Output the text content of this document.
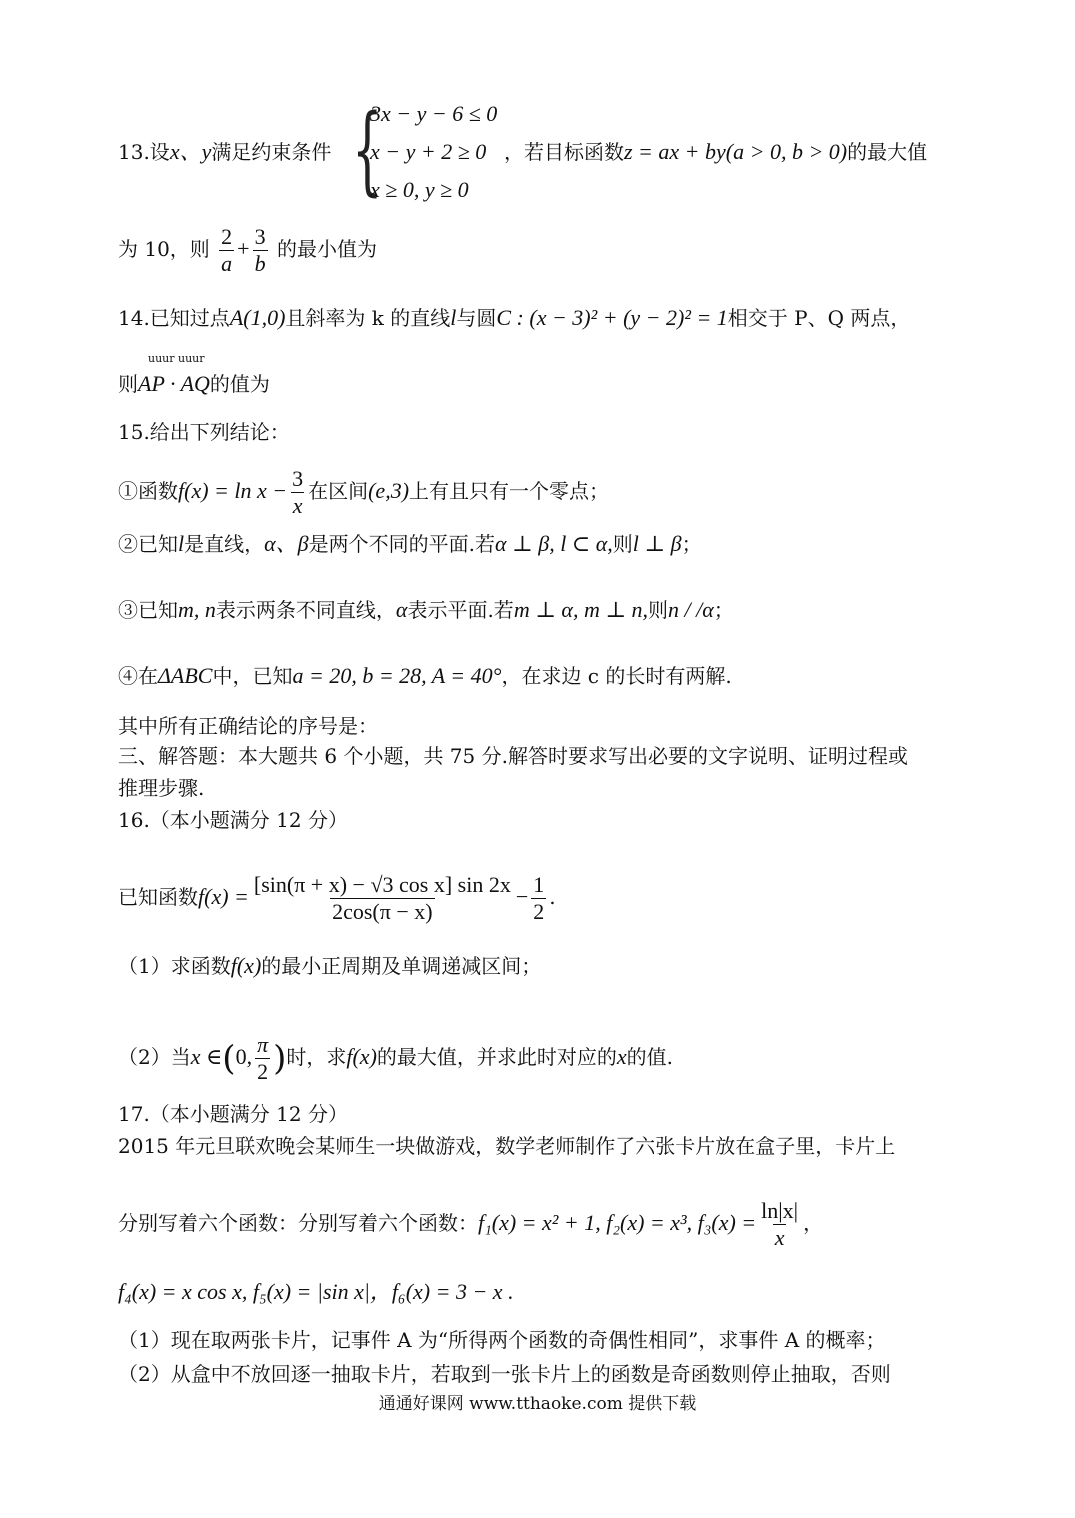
13.设x、y满足约束条件 {
3x − y − 6 ≤ 0
x − y + 2 ≥ 0
x ≥ 0, y ≥ 0
，若目标函数z = ax + by(a > 0, b > 0)的最大值
为 10，则 $\frac{2}{a} + \frac{3}{b}$ 的最小值为
14.已知过点A(1,0)且斜率为 k 的直线l与圆C : (x − 3)² + (y − 2)² = 1相交于 P、Q 两点，
uuur uuur
则AP · AQ的值为
15.给出下列结论：
①函数$f(x) = \ln x - \frac{3}{x}$ 在区间(e,3)上有且只有一个零点；
②已知l是直线，α、β是两个不同的平面.若α ⊥ β, l ⊂ α,则l ⊥ β；
③已知m, n表示两条不同直线，α表示平面.若m ⊥ α, m ⊥ n,则n / /α；
④在ΔABC中，已知a = 20, b = 28, A = 40°，在求边 c 的长时有两解.
其中所有正确结论的序号是：
三、解答题：本大题共 6 个小题，共 75 分.解答时要求写出必要的文字说明、证明过程或
推理步骤.
16.（本小题满分 12 分）
已知函数$f(x) = \frac{\text{[sin(π + x) − √3 cos x] sin 2x}}{2\cos(\pi - x)} - \frac{1}{2}$ .
（1）求函数f(x)的最小正周期及单调递减区间；
（2）当x ∈(0, $\frac{\pi}{2}$ )时，求f(x)的最大值，并求此时对应的x的值.
17.（本小题满分 12 分）
2015 年元旦联欢晚会某师生一块做游戏，数学老师制作了六张卡片放在盒子里，卡片上
分别写着六个函数：分别写着六个函数：f₁(x) = x² + 1, f₂(x) = x³, $f_3(x) = \frac{\ln|x|}{x}$ ，
f₄(x) = x cos x, f₅(x) = |sin x|，f₆(x) = 3 − x .
（1）现在取两张卡片，记事件 A 为“所得两个函数的奇偶性相同”，求事件 A 的概率；
（2）从盒中不放回逐一抽取卡片，若取到一张卡片上的函数是奇函数则停止抽取，否则
通通好课网 www.tthaoke.com 提供下载
